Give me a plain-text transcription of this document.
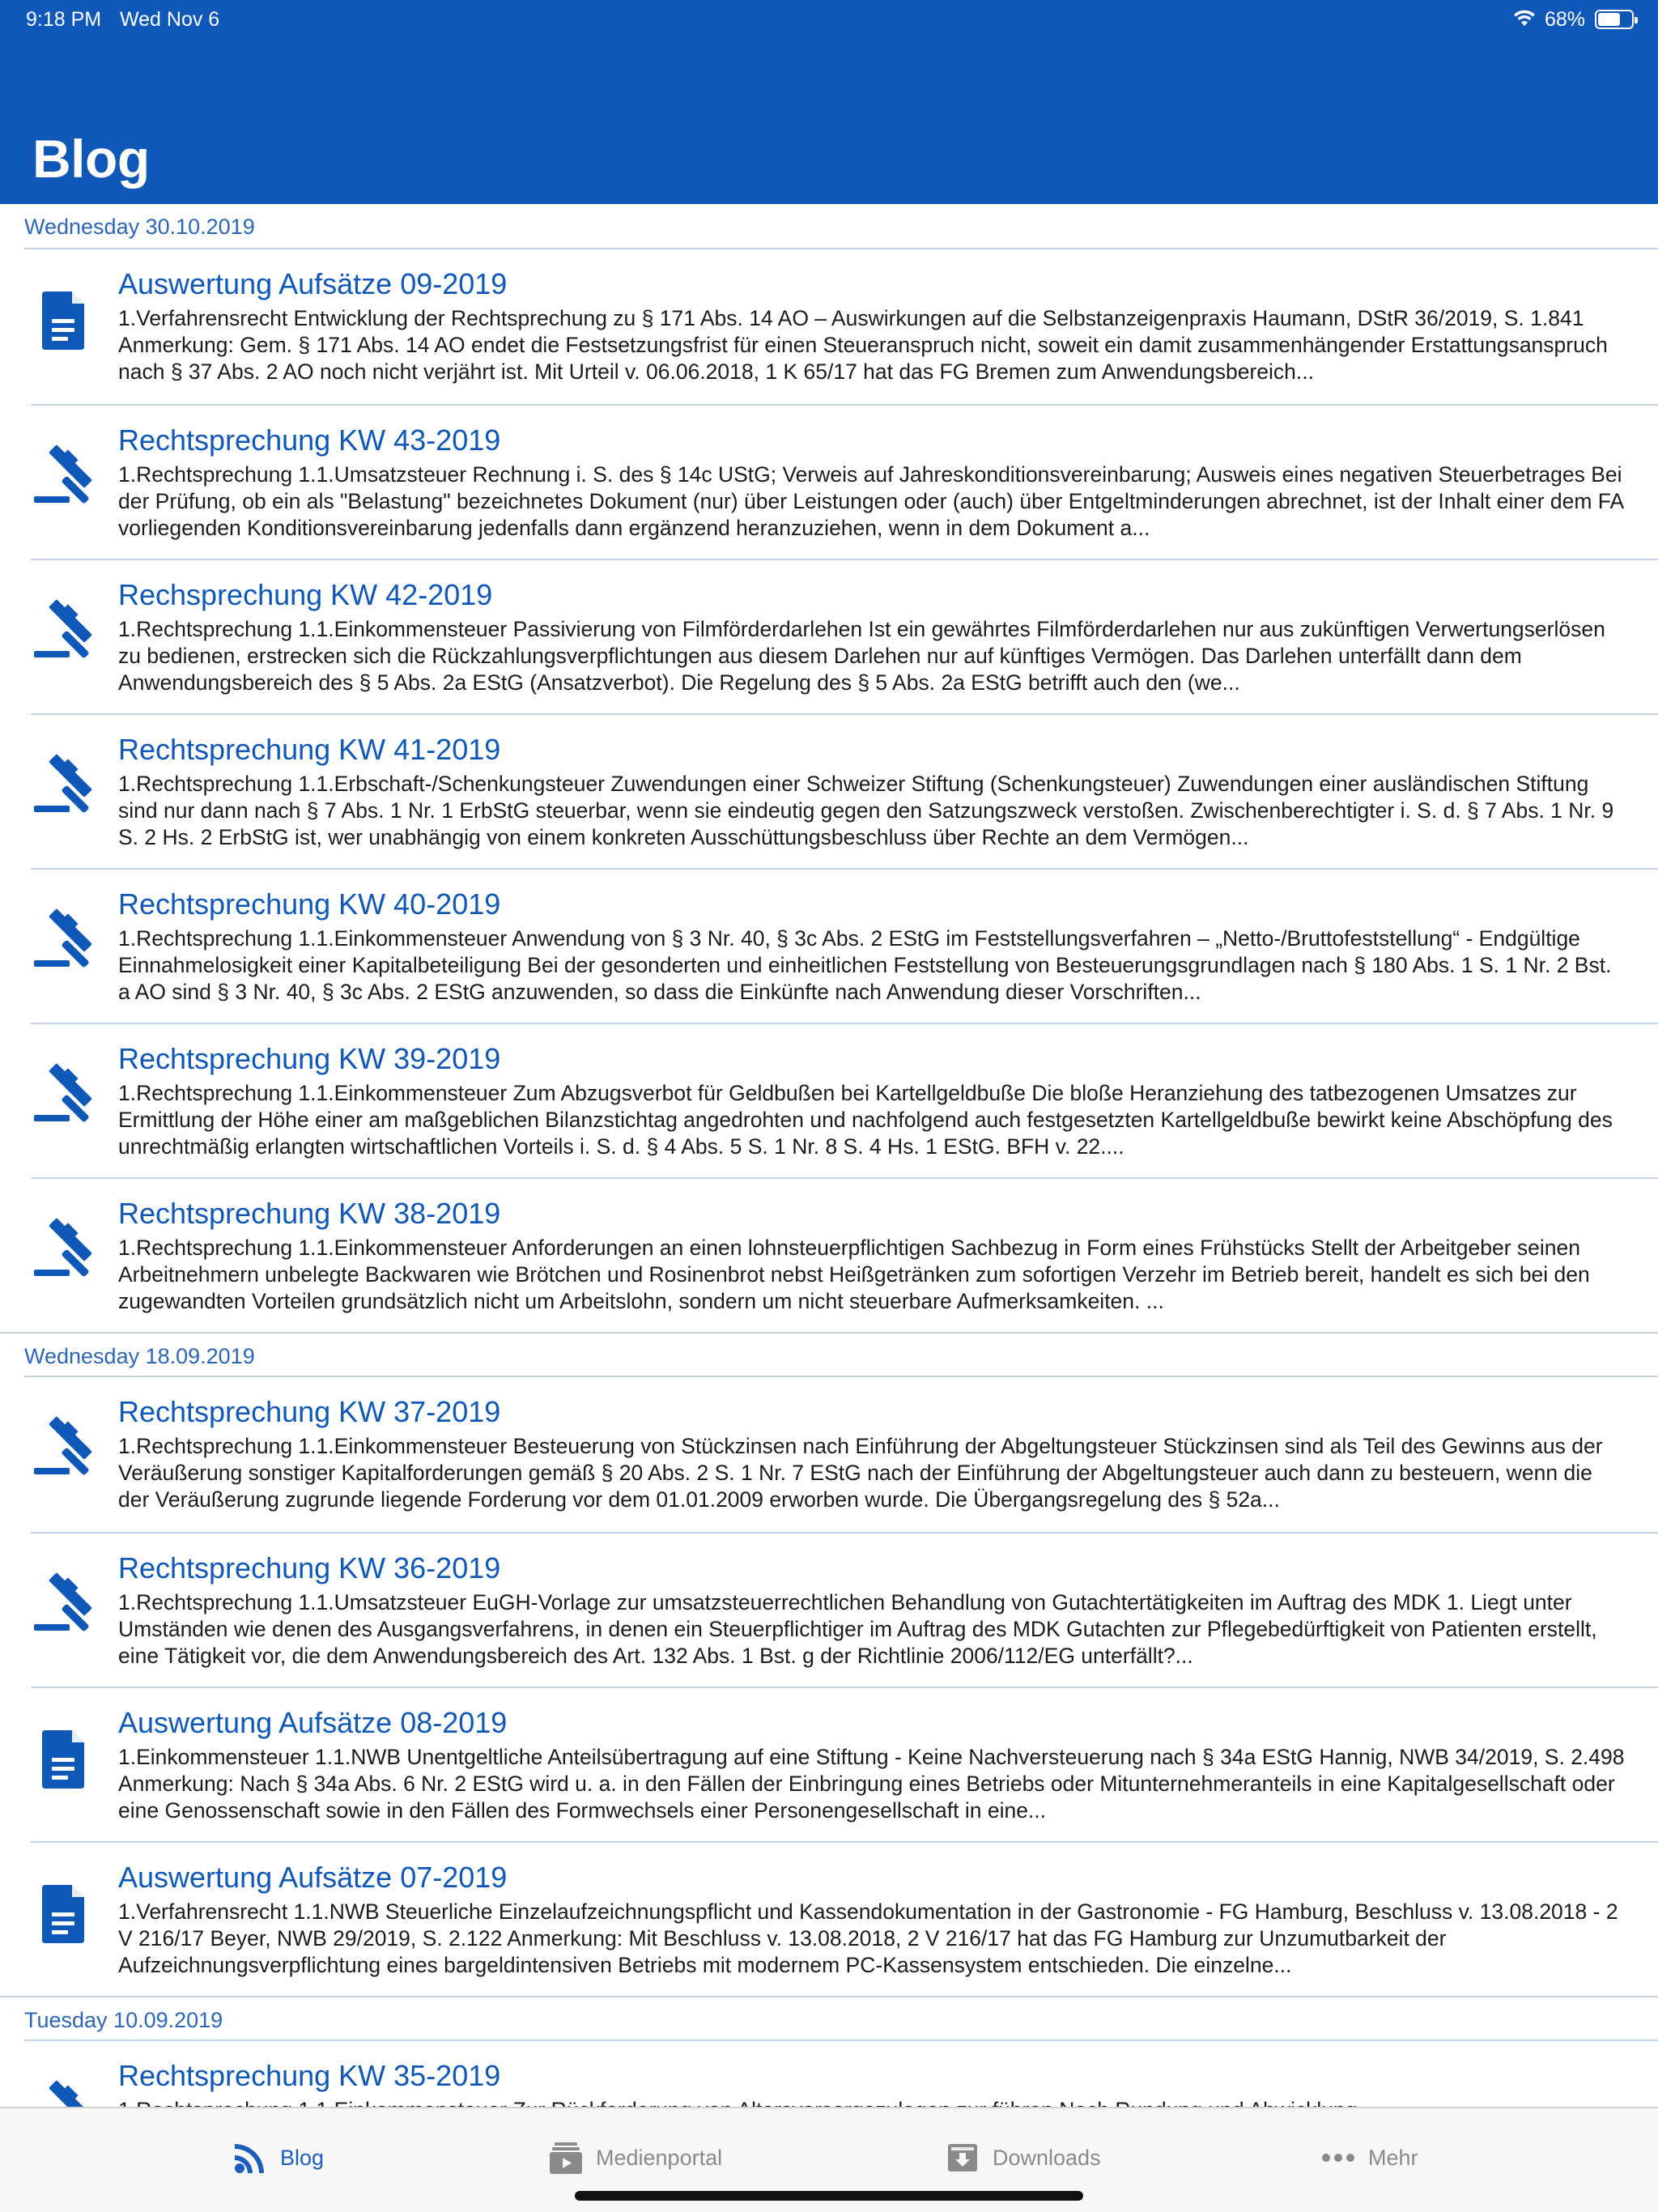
9:18 PM Wed Nov 6	68%
Blog
Wednesday 30.10.2019
Auswertung Aufsätze 09-2019
1.Verfahrensrecht Entwicklung der Rechtsprechung zu § 171 Abs. 14 AO – Auswirkungen auf die Selbstanzeigenpraxis Haumann, DStR 36/2019, S. 1.841 Anmerkung: Gem. § 171 Abs. 14 AO endet die Festsetzungsfrist für einen Steueranspruch nicht, soweit ein damit zusammenhängender Erstattungsanspruch nach § 37 Abs. 2 AO noch nicht verjährt ist. Mit Urteil v. 06.06.2018, 1 K 65/17 hat das FG Bremen zum Anwendungsbereich...
Rechtsprechung KW 43-2019
1.Rechtsprechung 1.1.Umsatzsteuer Rechnung i. S. des § 14c UStG; Verweis auf Jahreskonditionsvereinbarung; Ausweis eines negativen Steuerbetrages Bei der Prüfung, ob ein als "Belastung" bezeichnetes Dokument (nur) über Leistungen oder (auch) über Entgeltminderungen abrechnet, ist der Inhalt einer dem FA vorliegenden Konditionsvereinbarung jedenfalls dann ergänzend heranzuziehen, wenn in dem Dokument a...
Rechsprechung KW 42-2019
1.Rechtsprechung 1.1.Einkommensteuer Passivierung von Filmförderdarlehen Ist ein gewährtes Filmförderdarlehen nur aus zukünftigen Verwertungserlösen zu bedienen, erstrecken sich die Rückzahlungsverpflichtungen aus diesem Darlehen nur auf künftiges Vermögen. Das Darlehen unterfällt dann dem Anwendungsbereich des § 5 Abs. 2a EStG (Ansatzverbot). Die Regelung des § 5 Abs. 2a EStG betrifft auch den (we...
Rechtsprechung KW 41-2019
1.Rechtsprechung 1.1.Erbschaft-/Schenkungsteuer Zuwendungen einer Schweizer Stiftung (Schenkungsteuer) Zuwendungen einer ausländischen Stiftung sind nur dann nach § 7 Abs. 1 Nr. 1 ErbStG steuerbar, wenn sie eindeutig gegen den Satzungszweck verstoßen. Zwischenberechtigter i. S. d. § 7 Abs. 1 Nr. 9 S. 2 Hs. 2 ErbStG ist, wer unabhängig von einem konkreten Ausschüttungsbeschluss über Rechte an dem Vermögen...
Rechtsprechung KW 40-2019
1.Rechtsprechung 1.1.Einkommensteuer Anwendung von § 3 Nr. 40, § 3c Abs. 2 EStG im Feststellungsverfahren – „Netto-/Bruttofeststellung“ - Endgültige Einnahmelosigkeit einer Kapitalbeteiligung Bei der gesonderten und einheitlichen Feststellung von Besteuerungsgrundlagen nach § 180 Abs. 1 S. 1 Nr. 2 Bst. a AO sind § 3 Nr. 40, § 3c Abs. 2 EStG anzuwenden, so dass die Einkünfte nach Anwendung dieser Vorschriften...
Rechtsprechung KW 39-2019
1.Rechtsprechung 1.1.Einkommensteuer Zum Abzugsverbot für Geldbußen bei Kartellgeldbuße Die bloße Heranziehung des tatbezogenen Umsatzes zur Ermittlung der Höhe einer am maßgeblichen Bilanzstichtag angedrohten und nachfolgend auch festgesetzten Kartellgeldbuße bewirkt keine Abschöpfung des unrechtmäßig erlangten wirtschaftlichen Vorteils i. S. d. § 4 Abs. 5 S. 1 Nr. 8 S. 4 Hs. 1 EStG. BFH v. 22....
Rechtsprechung KW 38-2019
1.Rechtsprechung 1.1.Einkommensteuer Anforderungen an einen lohnsteuerpflichtigen Sachbezug in Form eines Frühstücks Stellt der Arbeitgeber seinen Arbeitnehmern unbelegte Backwaren wie Brötchen und Rosinenbrot nebst Heißgetränken zum sofortigen Verzehr im Betrieb bereit, handelt es sich bei den zugewandten Vorteilen grundsätzlich nicht um Arbeitslohn, sondern um nicht steuerbare Aufmerksamkeiten. ...
Wednesday 18.09.2019
Rechtsprechung KW 37-2019
1.Rechtsprechung 1.1.Einkommensteuer Besteuerung von Stückzinsen nach Einführung der Abgeltungsteuer Stückzinsen sind als Teil des Gewinns aus der Veräußerung sonstiger Kapitalforderungen gemäß § 20 Abs. 2 S. 1 Nr. 7 EStG nach der Einführung der Abgeltungsteuer auch dann zu besteuern, wenn die der Veräußerung zugrunde liegende Forderung vor dem 01.01.2009 erworben wurde. Die Übergangsregelung des § 52a...
Rechtsprechung KW 36-2019
1.Rechtsprechung 1.1.Umsatzsteuer EuGH-Vorlage zur umsatzsteuerrechtlichen Behandlung von Gutachtertätigkeiten im Auftrag des MDK 1. Liegt unter Umständen wie denen des Ausgangsverfahrens, in denen ein Steuerpflichtiger im Auftrag des MDK Gutachten zur Pflegebedürftigkeit von Patienten erstellt, eine Tätigkeit vor, die dem Anwendungsbereich des Art. 132 Abs. 1 Bst. g der Richtlinie 2006/112/EG unterfällt?...
Auswertung Aufsätze 08-2019
1.Einkommensteuer 1.1.NWB Unentgeltliche Anteilsübertragung auf eine Stiftung - Keine Nachversteuerung nach § 34a EStG Hannig, NWB 34/2019, S. 2.498 Anmerkung: Nach § 34a Abs. 6 Nr. 2 EStG wird u. a. in den Fällen der Einbringung eines Betriebs oder Mitunternehmeranteils in eine Kapitalgesellschaft oder eine Genossenschaft sowie in den Fällen des Formwechsels einer Personengesellschaft in eine...
Auswertung Aufsätze 07-2019
1.Verfahrensrecht 1.1.NWB Steuerliche Einzelaufzeichnungspflicht und Kassendokumentation in der Gastronomie - FG Hamburg, Beschluss v. 13.08.2018 - 2 V 216/17 Beyer, NWB 29/2019, S. 2.122 Anmerkung: Mit Beschluss v. 13.08.2018, 2 V 216/17 hat das FG Hamburg zur Unzumutbarkeit der Aufzeichnungsverpflichtung eines bargeldintensiven Betriebs mit modernem PC-Kassensystem entschieden. Die einzelne...
Tuesday 10.09.2019
Rechtsprechung KW 35-2019
Blog	Medienportal	Downloads	Mehr
